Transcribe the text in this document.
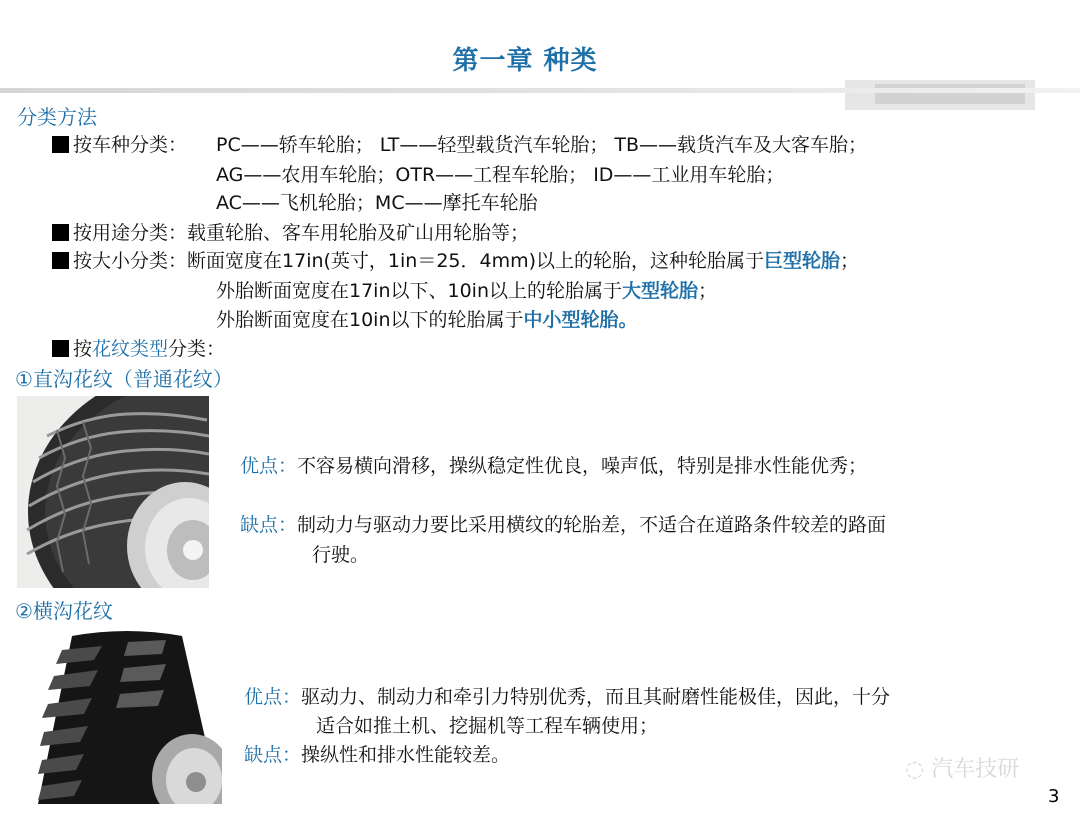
第一章 种类
分类方法
按车种分类： PC——轿车轮胎； LT——轻型载货汽车轮胎； TB——载货汽车及大客车胎；
AG——农用车轮胎；OTR——工程车轮胎； ID——工业用车轮胎；
AC——飞机轮胎；MC——摩托车轮胎
按用途分类：载重轮胎、客车用轮胎及矿山用轮胎等；
按大小分类：断面宽度在17in(英寸，1in＝25．4mm)以上的轮胎，这种轮胎属于巨型轮胎；
外胎断面宽度在17in以下、10in以上的轮胎属于大型轮胎；
外胎断面宽度在10in以下的轮胎属于中小型轮胎。
按花纹类型分类：
①直沟花纹（普通花纹）
优点：不容易横向滑移，操纵稳定性优良，噪声低，特别是排水性能优秀；
缺点：制动力与驱动力要比采用横纹的轮胎差，不适合在道路条件较差的路面
行驶。
②横沟花纹
优点：驱动力、制动力和牵引力特别优秀，而且其耐磨性能极佳，因此，十分
适合如推土机、挖掘机等工程车辆使用；
缺点：操纵性和排水性能较差。
◌ 汽车技研
3
